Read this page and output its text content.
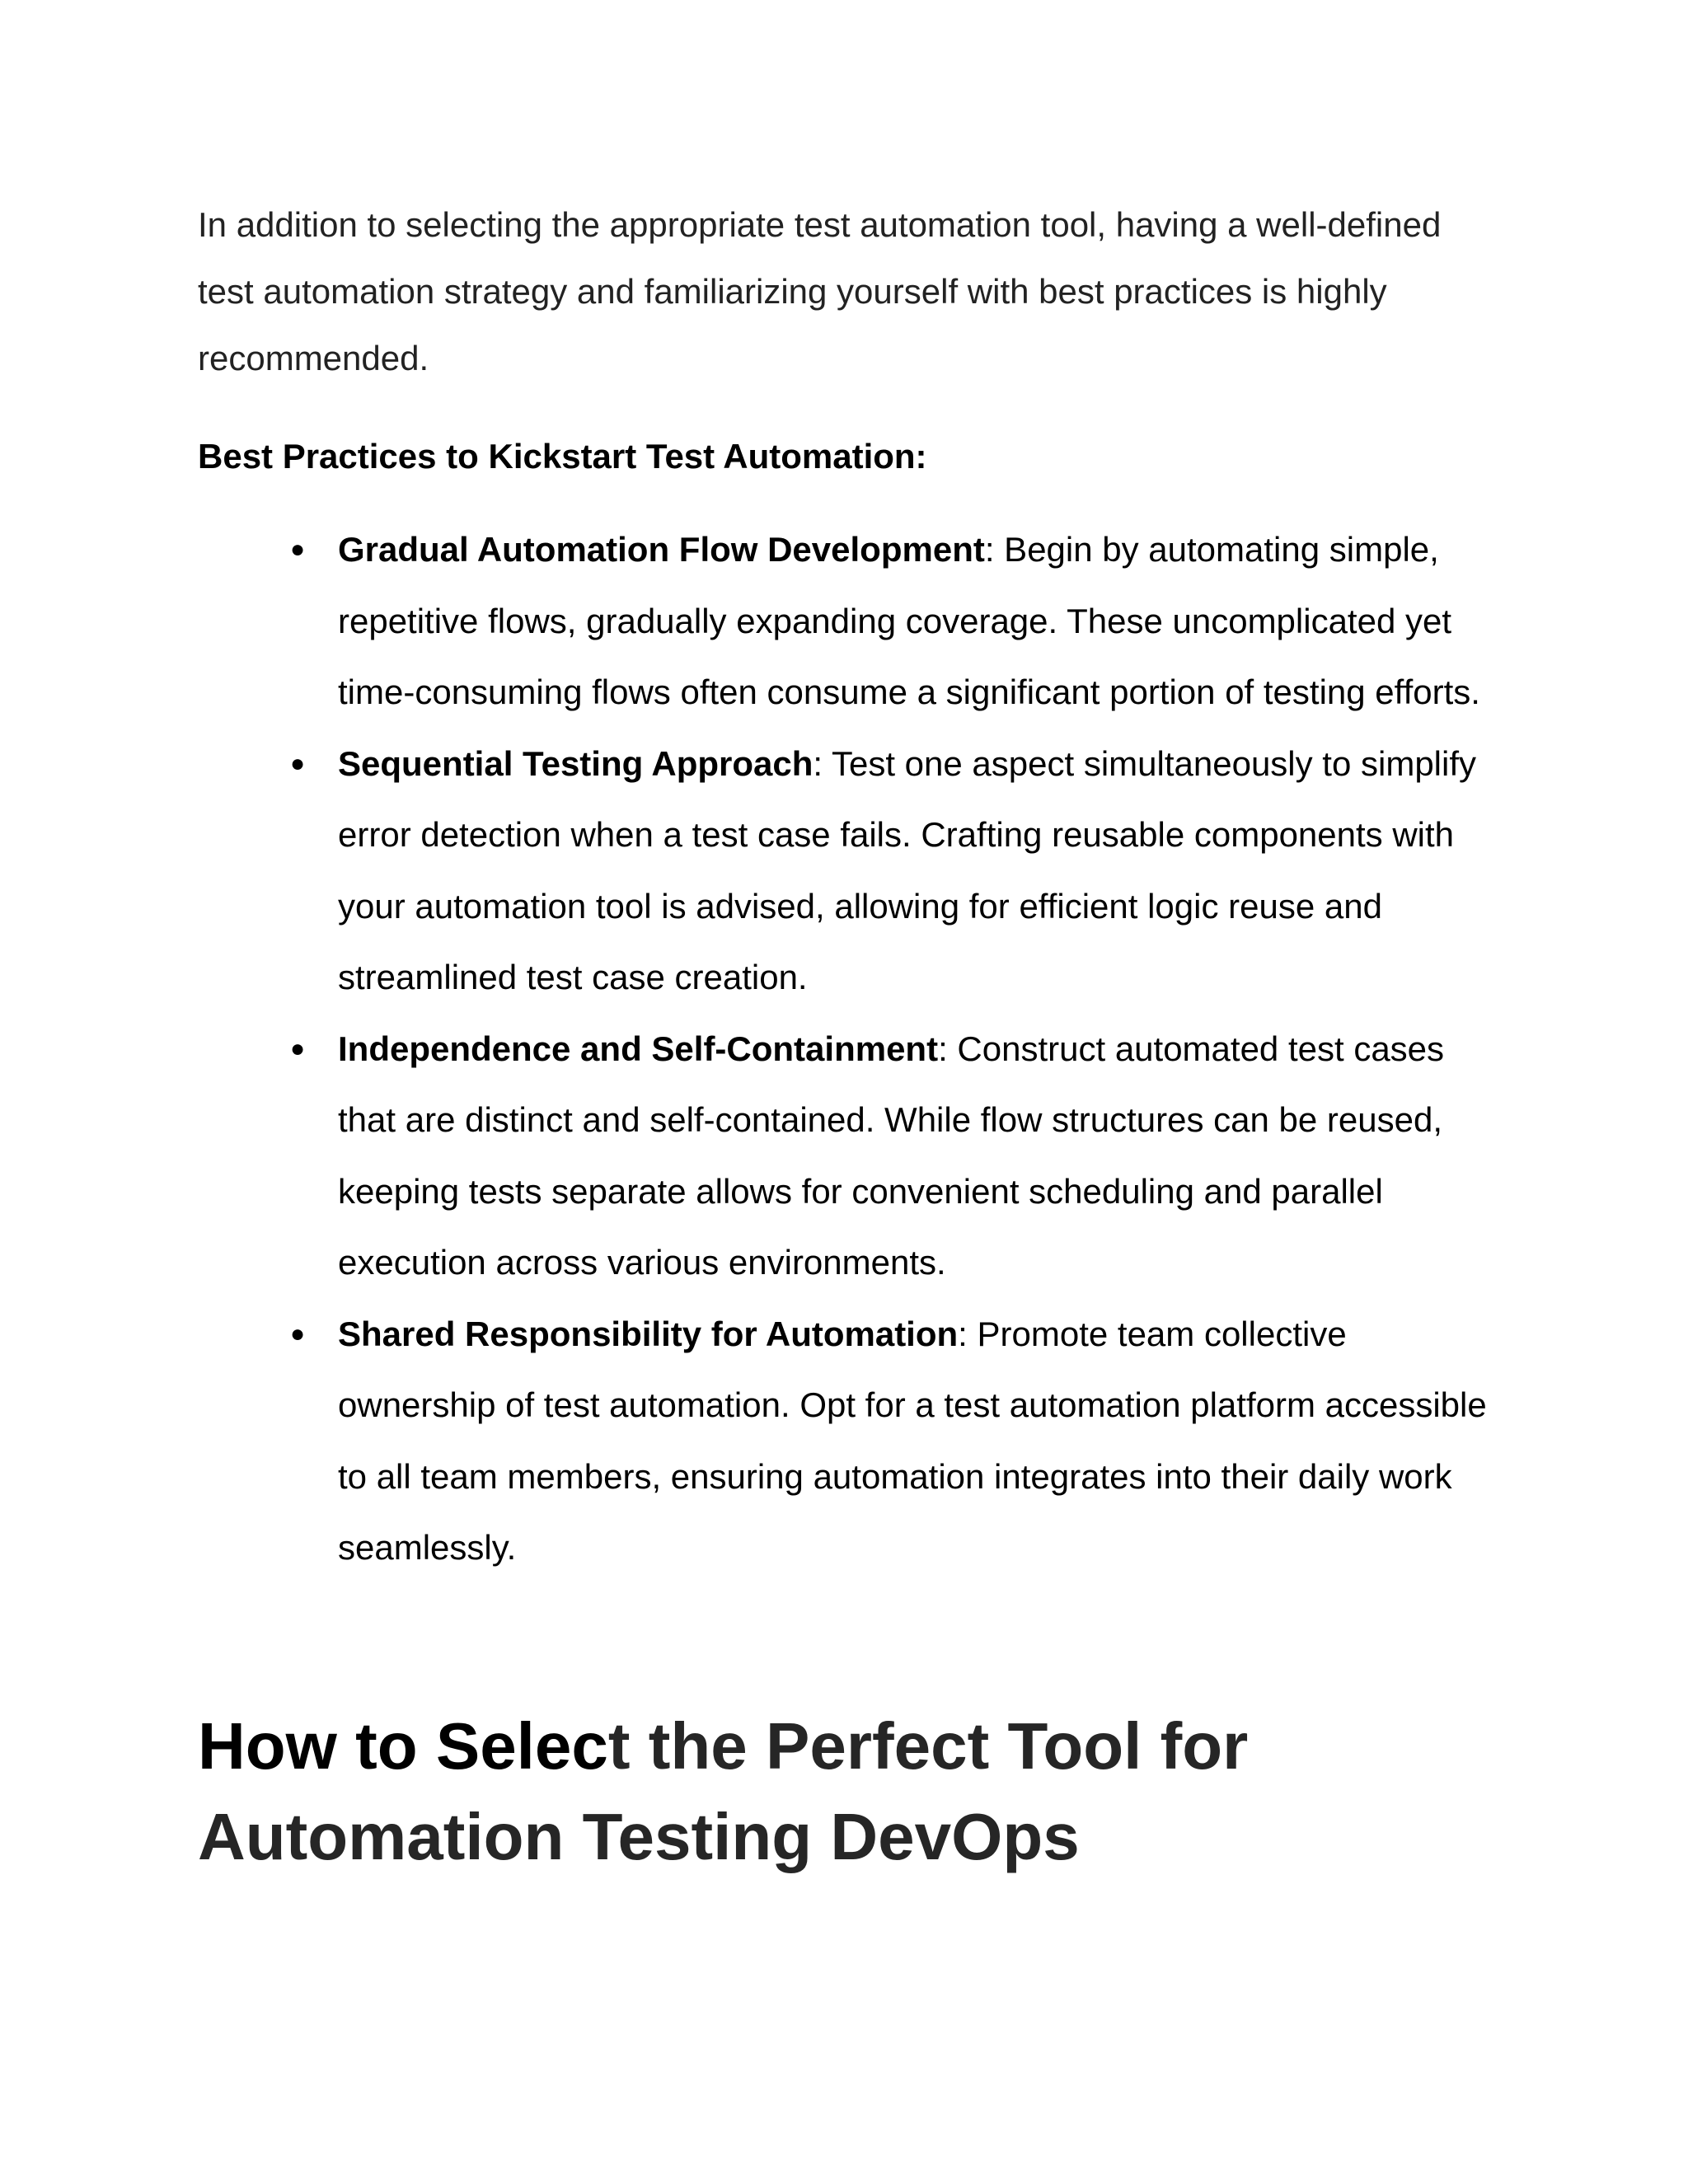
In addition to selecting the appropriate test automation tool, having a well-defined test automation strategy and familiarizing yourself with best practices is highly recommended.

Best Practices to Kickstart Test Automation:

● Gradual Automation Flow Development: Begin by automating simple, repetitive flows, gradually expanding coverage. These uncomplicated yet time-consuming flows often consume a significant portion of testing efforts.
● Sequential Testing Approach: Test one aspect simultaneously to simplify error detection when a test case fails. Crafting reusable components with your automation tool is advised, allowing for efficient logic reuse and streamlined test case creation.
● Independence and Self-Containment: Construct automated test cases that are distinct and self-contained. While flow structures can be reused, keeping tests separate allows for convenient scheduling and parallel execution across various environments.
● Shared Responsibility for Automation: Promote team collective ownership of test automation. Opt for a test automation platform accessible to all team members, ensuring automation integrates into their daily work seamlessly.
How to Select the Perfect Tool for Automation Testing DevOps
